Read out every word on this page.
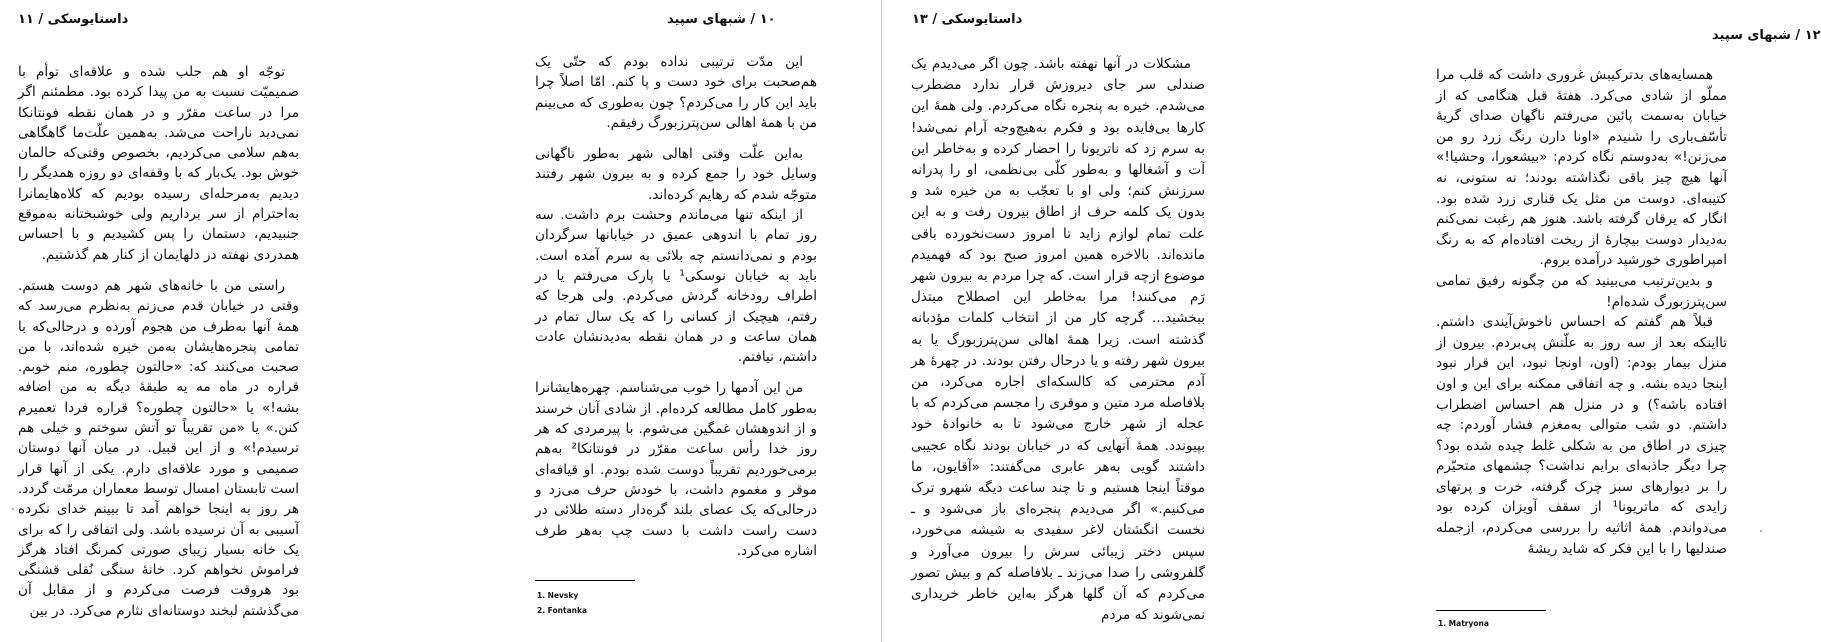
داستایوسکی / ۱۱

توجّه او هم جلب شده و علاقه‌ای توأم با صمیمیّت نسبت به من پیدا کرده بود. مطمئنم اگر مرا در ساعت مقرّر و در همان نقطه فونتانکا نمی‌دید ناراحت می‌شد. به‌همین علّت‌ما گاهگاهی به‌هم سلامی می‌کردیم، بخصوص وقتی‌که حالمان خوش بود. یک‌بار که با وقفه‌ای دو روزه همدیگر را دیدیم به‌مرحله‌ای رسیده بودیم که کلاه‌هایمانرا به‌احترام از سر برداریم ولی خوشبختانه به‌موقع جنبیدیم، دستمان را پس کشیدیم و با احساس همدردی نهفته در دلهایمان از کنار هم گذشتیم.

راستی من با خانه‌های شهر هم دوست هستم. وقتی در خیابان قدم می‌زنم به‌نظرم می‌رسد که همهٔ آنها به‌طرف من هجوم آورده و درحالی‌که با تمامی پنجره‌هایشان به‌من خیره شده‌اند، با من صحبت می‌کنند که: «حالتون چطوره، منم خوبم. قراره در ماه مه یه طبقهٔ دیگه به من اضافه بشه!» یا «حالتون چطوره؟ قراره فردا تعمیرم کنن.» یا «من تقریباً تو آتش سوختم و خیلی هم ترسیدم!» و از این قبیل. در میان آنها دوستان صمیمی و مورد علاقه‌ای دارم. یکی از آنها قرار است تابستان امسال توسط معماران مرمّت گردد. هر روز به اینجا خواهم آمد تا ببینم خدای نکرده آسیبی به آن نرسیده باشد. ولی اتفاقی را که برای یک خانه بسیار زیبای صورتی کمرنگ افتاد هرگز فراموش نخواهم کرد. خانهٔ سنگی نُقلی قشنگی بود هروقت فرصت می‌کردم و از مقابل آن می‌گذشتم لبخند دوستانه‌ای نثارم می‌کرد. در بین

۱۰ / شبهای سپید

این مدّت ترتیبی نداده بودم که حتّی یک هم‌صحبت برای خود دست و پا کنم. امّا اصلاً چرا باید این کار را می‌کردم؟ چون به‌طوری که می‌بینم من با همهٔ اهالی سن‌پترزبورگ رفیقم.

به‌این علّت وقتی اهالی شهر به‌طور ناگهانی وسایل خود را جمع کرده و به بیرون شهر رفتند متوجّه شدم که رهایم کرده‌اند.

از اینکه تنها می‌ماندم وحشت برم داشت. سه روز تمام با اندوهی عمیق در خیابانها سرگردان بودم و نمی‌دانستم چه بلائی به سرم آمده است. باید به خیابان نوسکی¹ یا پارک می‌رفتم یا در اطراف رودخانه گردش می‌کردم. ولی هرجا که رفتم، هیچیک از کسانی را که یک سال تمام در همان ساعت و در همان نقطه به‌دیدنشان عادت داشتم، نیافتم.

من این آدمها را خوب می‌شناسم. چهره‌هایشانرا به‌طور کامل مطالعه کرده‌ام. از شادی آنان خرسند و از اندوهشان غمگین می‌شوم. با پیرمردی که هر روز خدا رأس ساعت مقرّر در فونتانکا² به‌هم برمی‌خوردیم تقریباً دوست شده بودم. او قیافه‌ای موقر و مغموم داشت، با خودش حرف می‌زد و درحالی‌که یک عصای بلند گره‌دار دسته طلائی در دست راست داشت با دست چپ به‌هر طرف اشاره می‌کرد.

1. Nevsky
2. Fontanka
داستایوسکی / ۱۳

مشکلات در آنها نهفته باشد. چون اگر می‌دیدم یک صندلی سر جای دیروزش قرار ندارد مضطرب می‌شدم. خیره به پنجره نگاه می‌کردم. ولی همهٔ این کارها بی‌فایده بود و فکرم به‌هیچ‌وجه آرام نمی‌شد! به سرم زد که ناتریونا را احضار کرده و به‌خاطر این آت و آشغالها و به‌طور کلّی بی‌نظمی، او را پدرانه سرزنش کنم؛ ولی او با تعجّب به من خیره شد و بدون یک کلمه حرف از اطاق بیرون رفت و به این علت تمام لوازم زاید تا امروز دست‌نخورده باقی مانده‌اند. بالاخره همین امروز صبح بود که فهمیدم موضوع ازچه قرار است. که چرا مردم به بیرون شهر رَم می‌کنند! مرا به‌خاطر این اصطلاح مبتذل ببخشید... گرچه کار من از انتخاب کلمات مؤدبانه گذشته است. زیرا همهٔ اهالی سن‌پترزبورگ یا به بیرون شهر رفته و یا درحال رفتن بودند. در چهرهٔ هر آدم محترمی که کالسکه‌ای اجاره می‌کرد، من بلافاصله مرد متین و موقری را مجسم می‌کردم که با عجله از شهر خارج می‌شود تا به خانوادهٔ خود بپیوندد. همهٔ آنهایی که در خیابان بودند نگاه عجیبی داشتند گویی به‌هر عابری می‌گفتند: «آقایون، ما موقتاً اینجا هستیم و تا چند ساعت دیگه شهرو ترک می‌کنیم.» اگر می‌دیدم پنجره‌ای باز می‌شود و ـ نخست انگشتان لاغر سفیدی به شیشه می‌خورد، سپس دختر زیبائی سرش را بیرون می‌آورد و گلفروشی را صدا می‌زند ـ بلافاصله کم و بیش تصور می‌کردم که آن گلها هرگز به‌این خاطر خریداری نمی‌شوند که مردم

۱۲ / شبهای سپید

همسایه‌های بدترکیبش غروری داشت که قلب مرا مملّو از شادی می‌کرد. هفتهٔ قبل هنگامی که از خیابان به‌سمت پائین می‌رفتم ناگهان صدای گریهٔ تأسّف‌باری را شنیدم «اونا دارن رنگ زرد رو من می‌زنن!» به‌دوستم نگاه کردم: «بیشعورا، وحشیا!» آنها هیچ چیز باقی نگذاشته بودند؛ نه ستونی، نه کتیبه‌ای. دوست من مثل یک قناری زرد شده بود. انگار که یرقان گرفته باشد. هنوز هم رغبت نمی‌کنم به‌دیدار دوست بیچارهٔ از ریخت افتاده‌ام که به رنگ امپراطوری خورشید درآمده بروم.

و بدین‌ترتیب می‌بینید که من چگونه رفیق تمامی سن‌پترزبورگ شده‌ام!

قبلاً هم گفتم که احساس ناخوش‌آیندی داشتم. تااینکه بعد از سه روز به علّتش پی‌بردم. بیرون از منزل بیمار بودم: (اون، اونجا نبود، این قرار نبود اینجا دیده بشه. و چه اتفاقی ممکنه برای این و اون افتاده باشه؟) و در منزل هم احساس اضطراب داشتم. دو شب متوالی به‌مغزم فشار آوردم: چه چیزی در اطاق من به شکلی غلط چیده شده بود؟ چرا دیگر جاذبه‌ای برایم نداشت؟ چشمهای متحیّرم را بر دیوارهای سبز چرک گرفته، خرت و پرتهای زایدی که ماتریونا¹ از سقف آویزان کرده بود می‌دواندم. همهٔ اثاثیه را بررسی می‌کردم، ازجمله صندلیها را با این فکر که شاید ریشهٔ

1. Matryona
